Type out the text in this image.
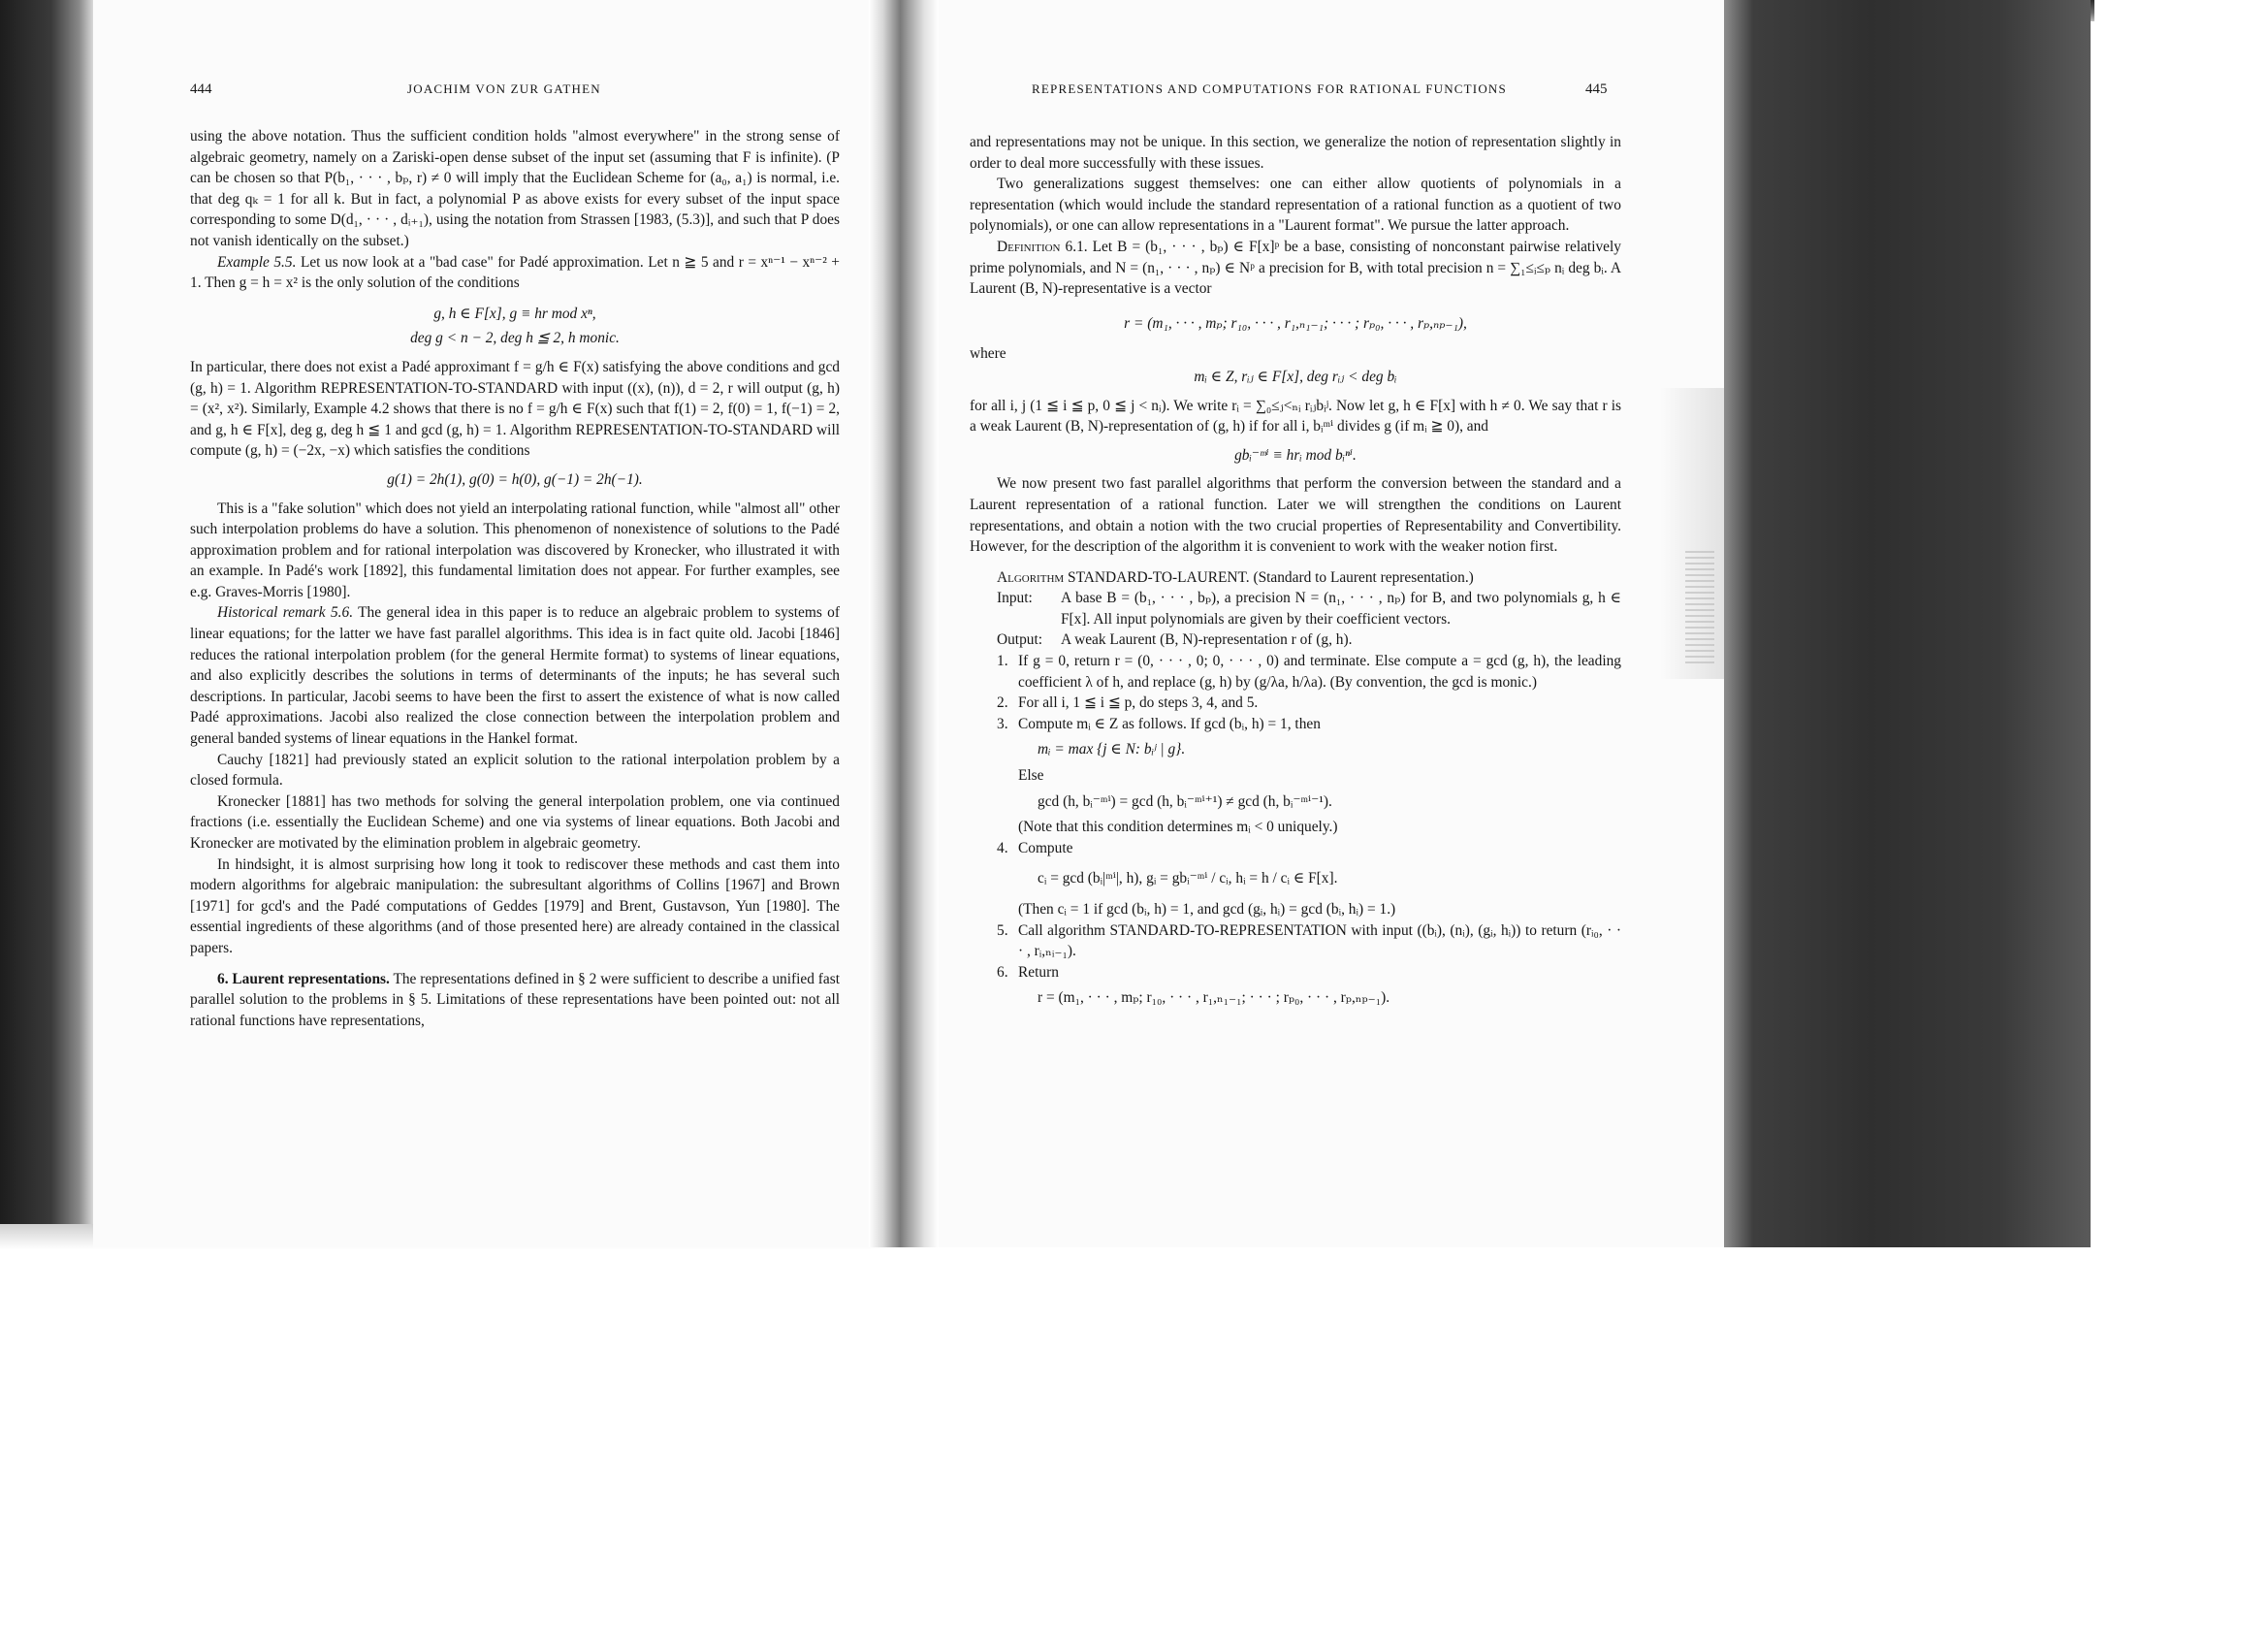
444	JOACHIM VON ZUR GATHEN

using the above notation. Thus the sufficient condition holds "almost everywhere" in the strong sense of algebraic geometry, namely on a Zariski-open dense subset of the input set (assuming that F is infinite). (P can be chosen so that P(b₁, · · · , bₚ, r) ≠ 0 will imply that the Euclidean Scheme for (a₀, a₁) is normal, i.e. that deg qₖ = 1 for all k. But in fact, a polynomial P as above exists for every subset of the input space corresponding to some D(d₁, · · · , dᵢ₊₁), using the notation from Strassen [1983, (5.3)], and such that P does not vanish identically on the subset.)

Example 5.5. Let us now look at a "bad case" for Padé approximation. Let n ≧ 5 and r = xⁿ⁻¹ − xⁿ⁻² + 1. Then g = h = x² is the only solution of the conditions

g, h ∈ F[x], g ≡ hr mod xⁿ,

deg g < n − 2, deg h ≦ 2, h monic.

In particular, there does not exist a Padé approximant f = g/h ∈ F(x) satisfying the above conditions and gcd (g, h) = 1. Algorithm REPRESENTATION-TO-STANDARD with input ((x), (n)), d = 2, r will output (g, h) = (x², x²). Similarly, Example 4.2 shows that there is no f = g/h ∈ F(x) such that f(1) = 2, f(0) = 1, f(−1) = 2, and g, h ∈ F[x], deg g, deg h ≦ 1 and gcd (g, h) = 1. Algorithm REPRESENTATION-TO-STANDARD will compute (g, h) = (−2x, −x) which satisfies the conditions

g(1) = 2h(1), g(0) = h(0), g(−1) = 2h(−1).

This is a "fake solution" which does not yield an interpolating rational function, while "almost all" other such interpolation problems do have a solution. This phenomenon of nonexistence of solutions to the Padé approximation problem and for rational interpolation was discovered by Kronecker, who illustrated it with an example. In Padé's work [1892], this fundamental limitation does not appear. For further examples, see e.g. Graves-Morris [1980].

Historical remark 5.6. The general idea in this paper is to reduce an algebraic problem to systems of linear equations; for the latter we have fast parallel algorithms. This idea is in fact quite old. Jacobi [1846] reduces the rational interpolation problem (for the general Hermite format) to systems of linear equations, and also explicitly describes the solutions in terms of determinants of the inputs; he has several such descriptions. In particular, Jacobi seems to have been the first to assert the existence of what is now called Padé approximations. Jacobi also realized the close connection between the interpolation problem and general banded systems of linear equations in the Hankel format.

Cauchy [1821] had previously stated an explicit solution to the rational interpolation problem by a closed formula.

Kronecker [1881] has two methods for solving the general interpolation problem, one via continued fractions (i.e. essentially the Euclidean Scheme) and one via systems of linear equations. Both Jacobi and Kronecker are motivated by the elimination problem in algebraic geometry.

In hindsight, it is almost surprising how long it took to rediscover these methods and cast them into modern algorithms for algebraic manipulation: the subresultant algorithms of Collins [1967] and Brown [1971] for gcd's and the Padé computations of Geddes [1979] and Brent, Gustavson, Yun [1980]. The essential ingredients of these algorithms (and of those presented here) are already contained in the classical papers.

6. Laurent representations. The representations defined in § 2 were sufficient to describe a unified fast parallel solution to the problems in § 5. Limitations of these representations have been pointed out: not all rational functions have representations,

REPRESENTATIONS AND COMPUTATIONS FOR RATIONAL FUNCTIONS	445

and representations may not be unique. In this section, we generalize the notion of representation slightly in order to deal more successfully with these issues.

Two generalizations suggest themselves: one can either allow quotients of polynomials in a representation (which would include the standard representation of a rational function as a quotient of two polynomials), or one can allow representations in a "Laurent format". We pursue the latter approach.

Definition 6.1. Let B = (b₁, · · · , bₚ) ∈ F[x]ᵖ be a base, consisting of nonconstant pairwise relatively prime polynomials, and N = (n₁, · · · , nₚ) ∈ Nᵖ a precision for B, with total precision n = ∑₁≤ᵢ≤ₚ nᵢ deg bᵢ. A Laurent (B, N)-representative is a vector

r = (m₁, · · · , mₚ; r₁₀, · · · , r₁,ₙ₁₋₁; · · · ; rₚ₀, · · · , rₚ,ₙₚ₋₁),

where

mᵢ ∈ Z, rᵢⱼ ∈ F[x], deg rᵢⱼ < deg bᵢ

for all i, j (1 ≦ i ≦ p, 0 ≦ j < nᵢ). We write rᵢ = ∑₀≤ⱼ<ₙᵢ rᵢⱼbᵢʲ. Now let g, h ∈ F[x] with h ≠ 0. We say that r is a weak Laurent (B, N)-representation of (g, h) if for all i, bᵢᵐⁱ divides g (if mᵢ ≧ 0), and

gbᵢ⁻ᵐⁱ ≡ hrᵢ mod bᵢⁿⁱ.

We now present two fast parallel algorithms that perform the conversion between the standard and a Laurent representation of a rational function. Later we will strengthen the conditions on Laurent representations, and obtain a notion with the two crucial properties of Representability and Convertibility. However, for the description of the algorithm it is convenient to work with the weaker notion first.

Algorithm STANDARD-TO-LAURENT. (Standard to Laurent representation.)

Input:	A base B = (b₁, · · · , bₚ), a precision N = (n₁, · · · , nₚ) for B, and two polynomials g, h ∈ F[x]. All input polynomials are given by their coefficient vectors.
Output:	A weak Laurent (B, N)-representation r of (g, h).
1. If g = 0, return r = (0, · · · , 0; 0, · · · , 0) and terminate. Else compute a = gcd (g, h), the leading coefficient λ of h, and replace (g, h) by (g/λa, h/λa). (By convention, the gcd is monic.)
2. For all i, 1 ≦ i ≦ p, do steps 3, 4, and 5.
3. Compute mᵢ ∈ Z as follows. If gcd (bᵢ, h) = 1, then

mᵢ = max {j ∈ N: bᵢʲ | g}.

Else

gcd (h, bᵢ⁻ᵐⁱ) = gcd (h, bᵢ⁻ᵐⁱ⁺¹) ≠ gcd (h, bᵢ⁻ᵐⁱ⁻¹).

(Note that this condition determines mᵢ < 0 uniquely.)

4. Compute

cᵢ = gcd (bᵢ|ᵐⁱ|, h), gᵢ = gbᵢ⁻ᵐⁱ / cᵢ, hᵢ = h / cᵢ ∈ F[x].

(Then cᵢ = 1 if gcd (bᵢ, h) = 1, and gcd (gᵢ, hᵢ) = gcd (bᵢ, hᵢ) = 1.)

5. Call algorithm STANDARD-TO-REPRESENTATION with input ((bᵢ), (nᵢ), (gᵢ, hᵢ)) to return (rᵢ₀, · · · , rᵢ,ₙᵢ₋₁).
6. Return

r = (m₁, · · · , mₚ; r₁₀, · · · , r₁,ₙ₁₋₁; · · · ; rₚ₀, · · · , rₚ,ₙₚ₋₁).
